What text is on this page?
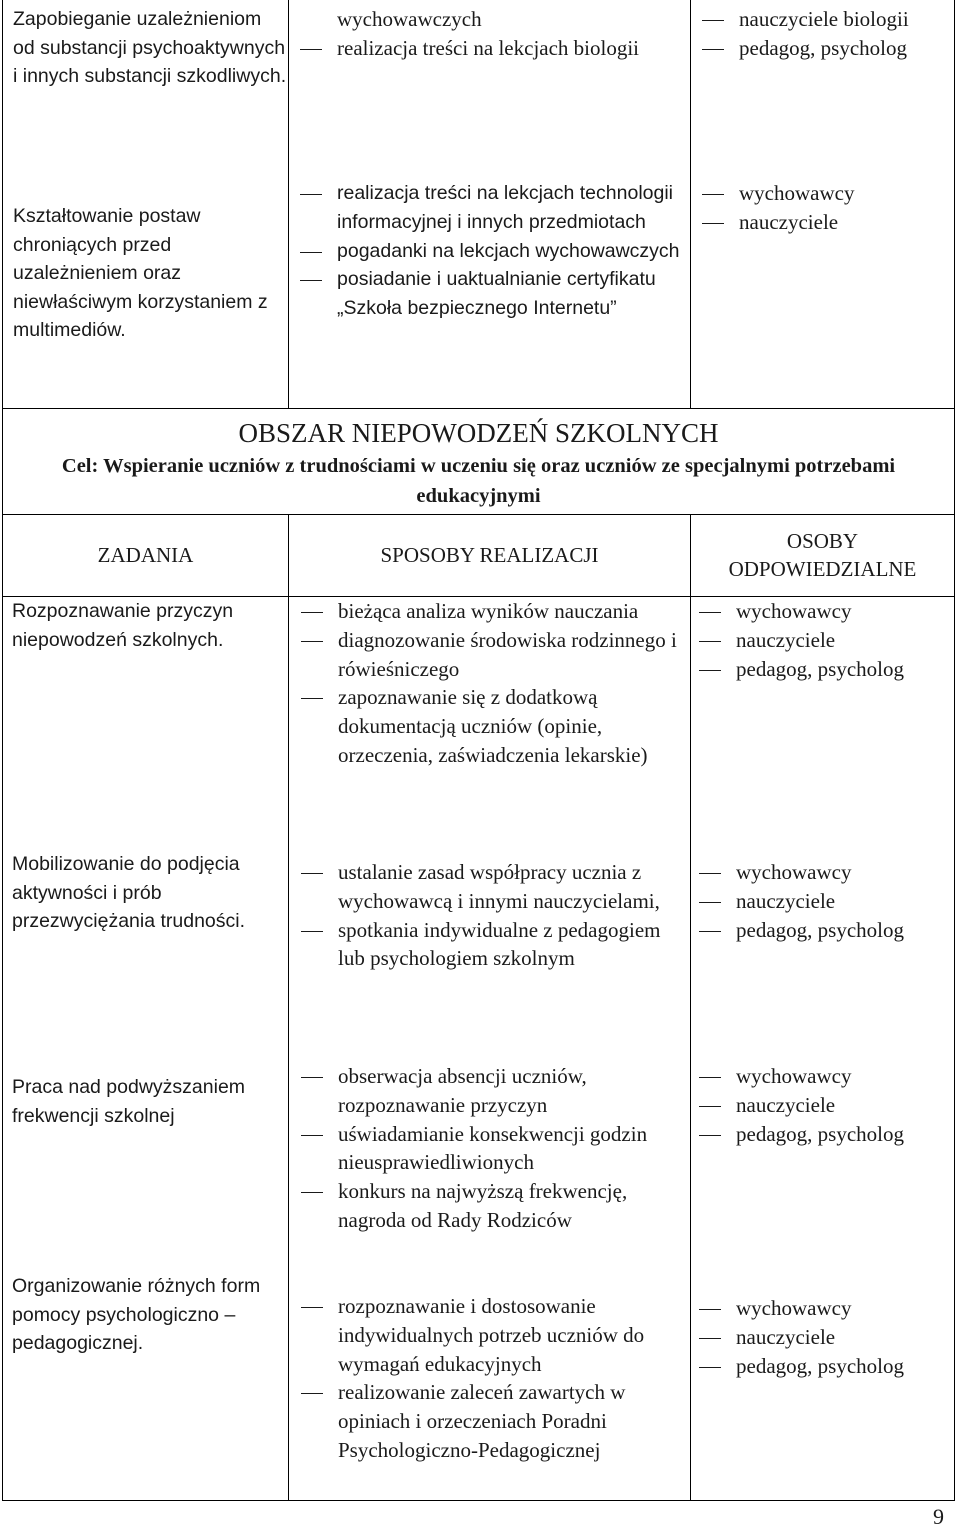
Zapobieganie uzależnieniom od substancji psychoaktywnych i innych substancji szkodliwych.
wychowawczych
realizacja treści na lekcjach biologii
nauczyciele biologii
pedagog, psycholog
Kształtowanie postaw chroniących przed uzależnieniem oraz niewłaściwym korzystaniem z multimediów.
realizacja treści na lekcjach technologii informacyjnej i innych przedmiotach
pogadanki na lekcjach wychowawczych
posiadanie i uaktualnianie certyfikatu „Szkoła bezpiecznego Internetu”
wychowawcy
nauczyciele
OBSZAR NIEPOWODZEŃ SZKOLNYCH
Cel: Wspieranie uczniów z trudnościami w uczeniu się oraz uczniów ze specjalnymi potrzebami edukacyjnymi
ZADANIA	SPOSOBY REALIZACJI
OSOBY ODPOWIEDZIALNE
Rozpoznawanie przyczyn niepowodzeń szkolnych.
bieżąca analiza wyników nauczania
diagnozowanie środowiska rodzinnego i rówieśniczego
zapoznawanie się z dodatkową dokumentacją uczniów (opinie, orzeczenia, zaświadczenia lekarskie)
wychowawcy
nauczyciele
pedagog, psycholog
Mobilizowanie do podjęcia aktywności i prób przezwyciężania trudności.
ustalanie zasad współpracy ucznia z wychowawcą i innymi nauczycielami,
spotkania indywidualne z pedagogiem lub psychologiem szkolnym
wychowawcy
nauczyciele
pedagog, psycholog
Praca nad podwyższaniem frekwencji szkolnej
obserwacja absencji uczniów, rozpoznawanie przyczyn
uświadamianie konsekwencji godzin nieusprawiedliwionych
konkurs na najwyższą frekwencję, nagroda od Rady Rodziców
wychowawcy
nauczyciele
pedagog, psycholog
Organizowanie różnych form pomocy psychologiczno – pedagogicznej.
rozpoznawanie i dostosowanie indywidualnych potrzeb uczniów do wymagań edukacyjnych
realizowanie zaleceń zawartych w opiniach i orzeczeniach Poradni Psychologiczno-Pedagogicznej
wychowawcy
nauczyciele
pedagog, psycholog
9
